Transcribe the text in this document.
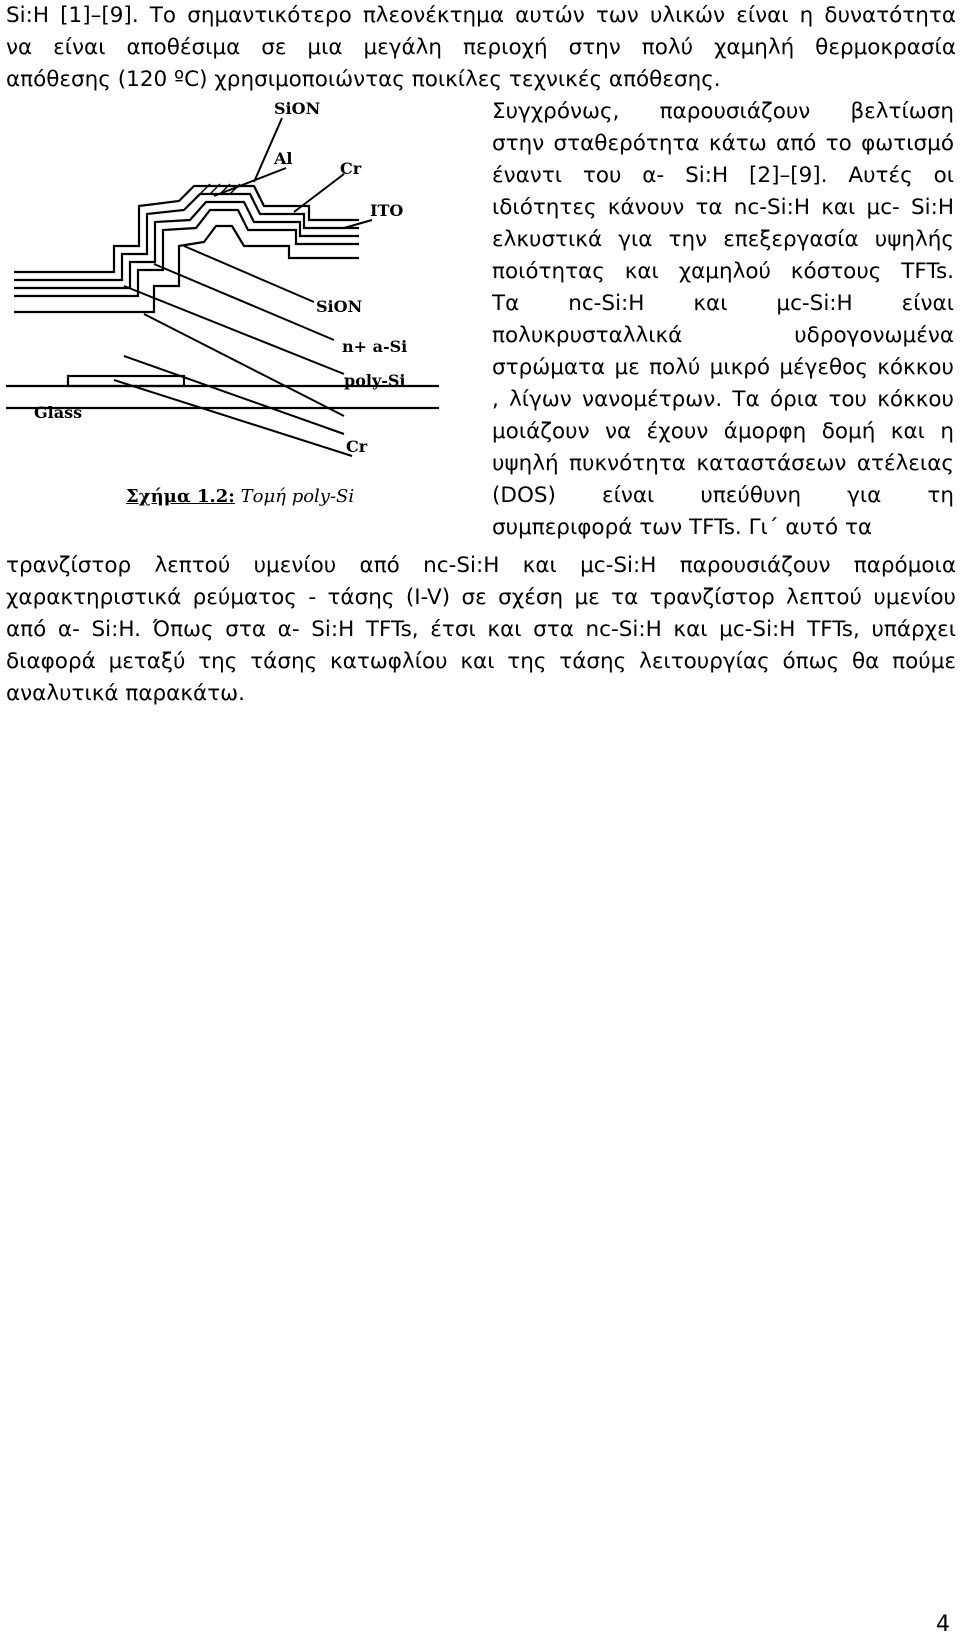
Si:H [1]–[9]. Το σημαντικότερο πλεονέκτημα αυτών των υλικών είναι η δυνατότητα
να είναι αποθέσιμα σε μια μεγάλη περιοχή στην πολύ χαμηλή θερμοκρασία
απόθεσης (120 ºC) χρησιμοποιώντας ποικίλες τεχνικές απόθεσης.
SiON
Al
Cr
ITO
SiON
n+ a-Si
poly-Si
Glass
Cr
Σχήμα 1.2: Τομή poly-Si
Συγχρόνως, παρουσιάζουν βελτίωση
στην σταθερότητα κάτω από το φωτισμό
έναντι του α- Si:H [2]–[9]. Αυτές οι
ιδιότητες κάνουν τα nc-Si:H και μc- Si:H
ελκυστικά για την επεξεργασία υψηλής
ποιότητας και χαμηλού κόστους TFTs.
Τα nc-Si:H και μc-Si:H είναι
πολυκρυσταλλικά υδρογονωμένα
στρώματα με πολύ μικρό μέγεθος κόκκου
, λίγων νανομέτρων. Τα όρια του κόκκου
μοιάζουν να έχουν άμορφη δομή και η
υψηλή πυκνότητα καταστάσεων ατέλειας
(DOS) είναι υπεύθυνη για τη
συμπεριφορά των TFTs. Γι΄ αυτό τα
τρανζίστορ λεπτού υμενίου από nc-Si:H και μc-Si:H παρουσιάζουν παρόμοια
χαρακτηριστικά ρεύματος - τάσης (I-V) σε σχέση με τα τρανζίστορ λεπτού υμενίου
από α- Si:H. Όπως στα α- Si:H TFTs, έτσι και στα nc-Si:H και μc-Si:H TFTs, υπάρχει
διαφορά μεταξύ της τάσης κατωφλίου και της τάσης λειτουργίας όπως θα πούμε
αναλυτικά παρακάτω.
4
